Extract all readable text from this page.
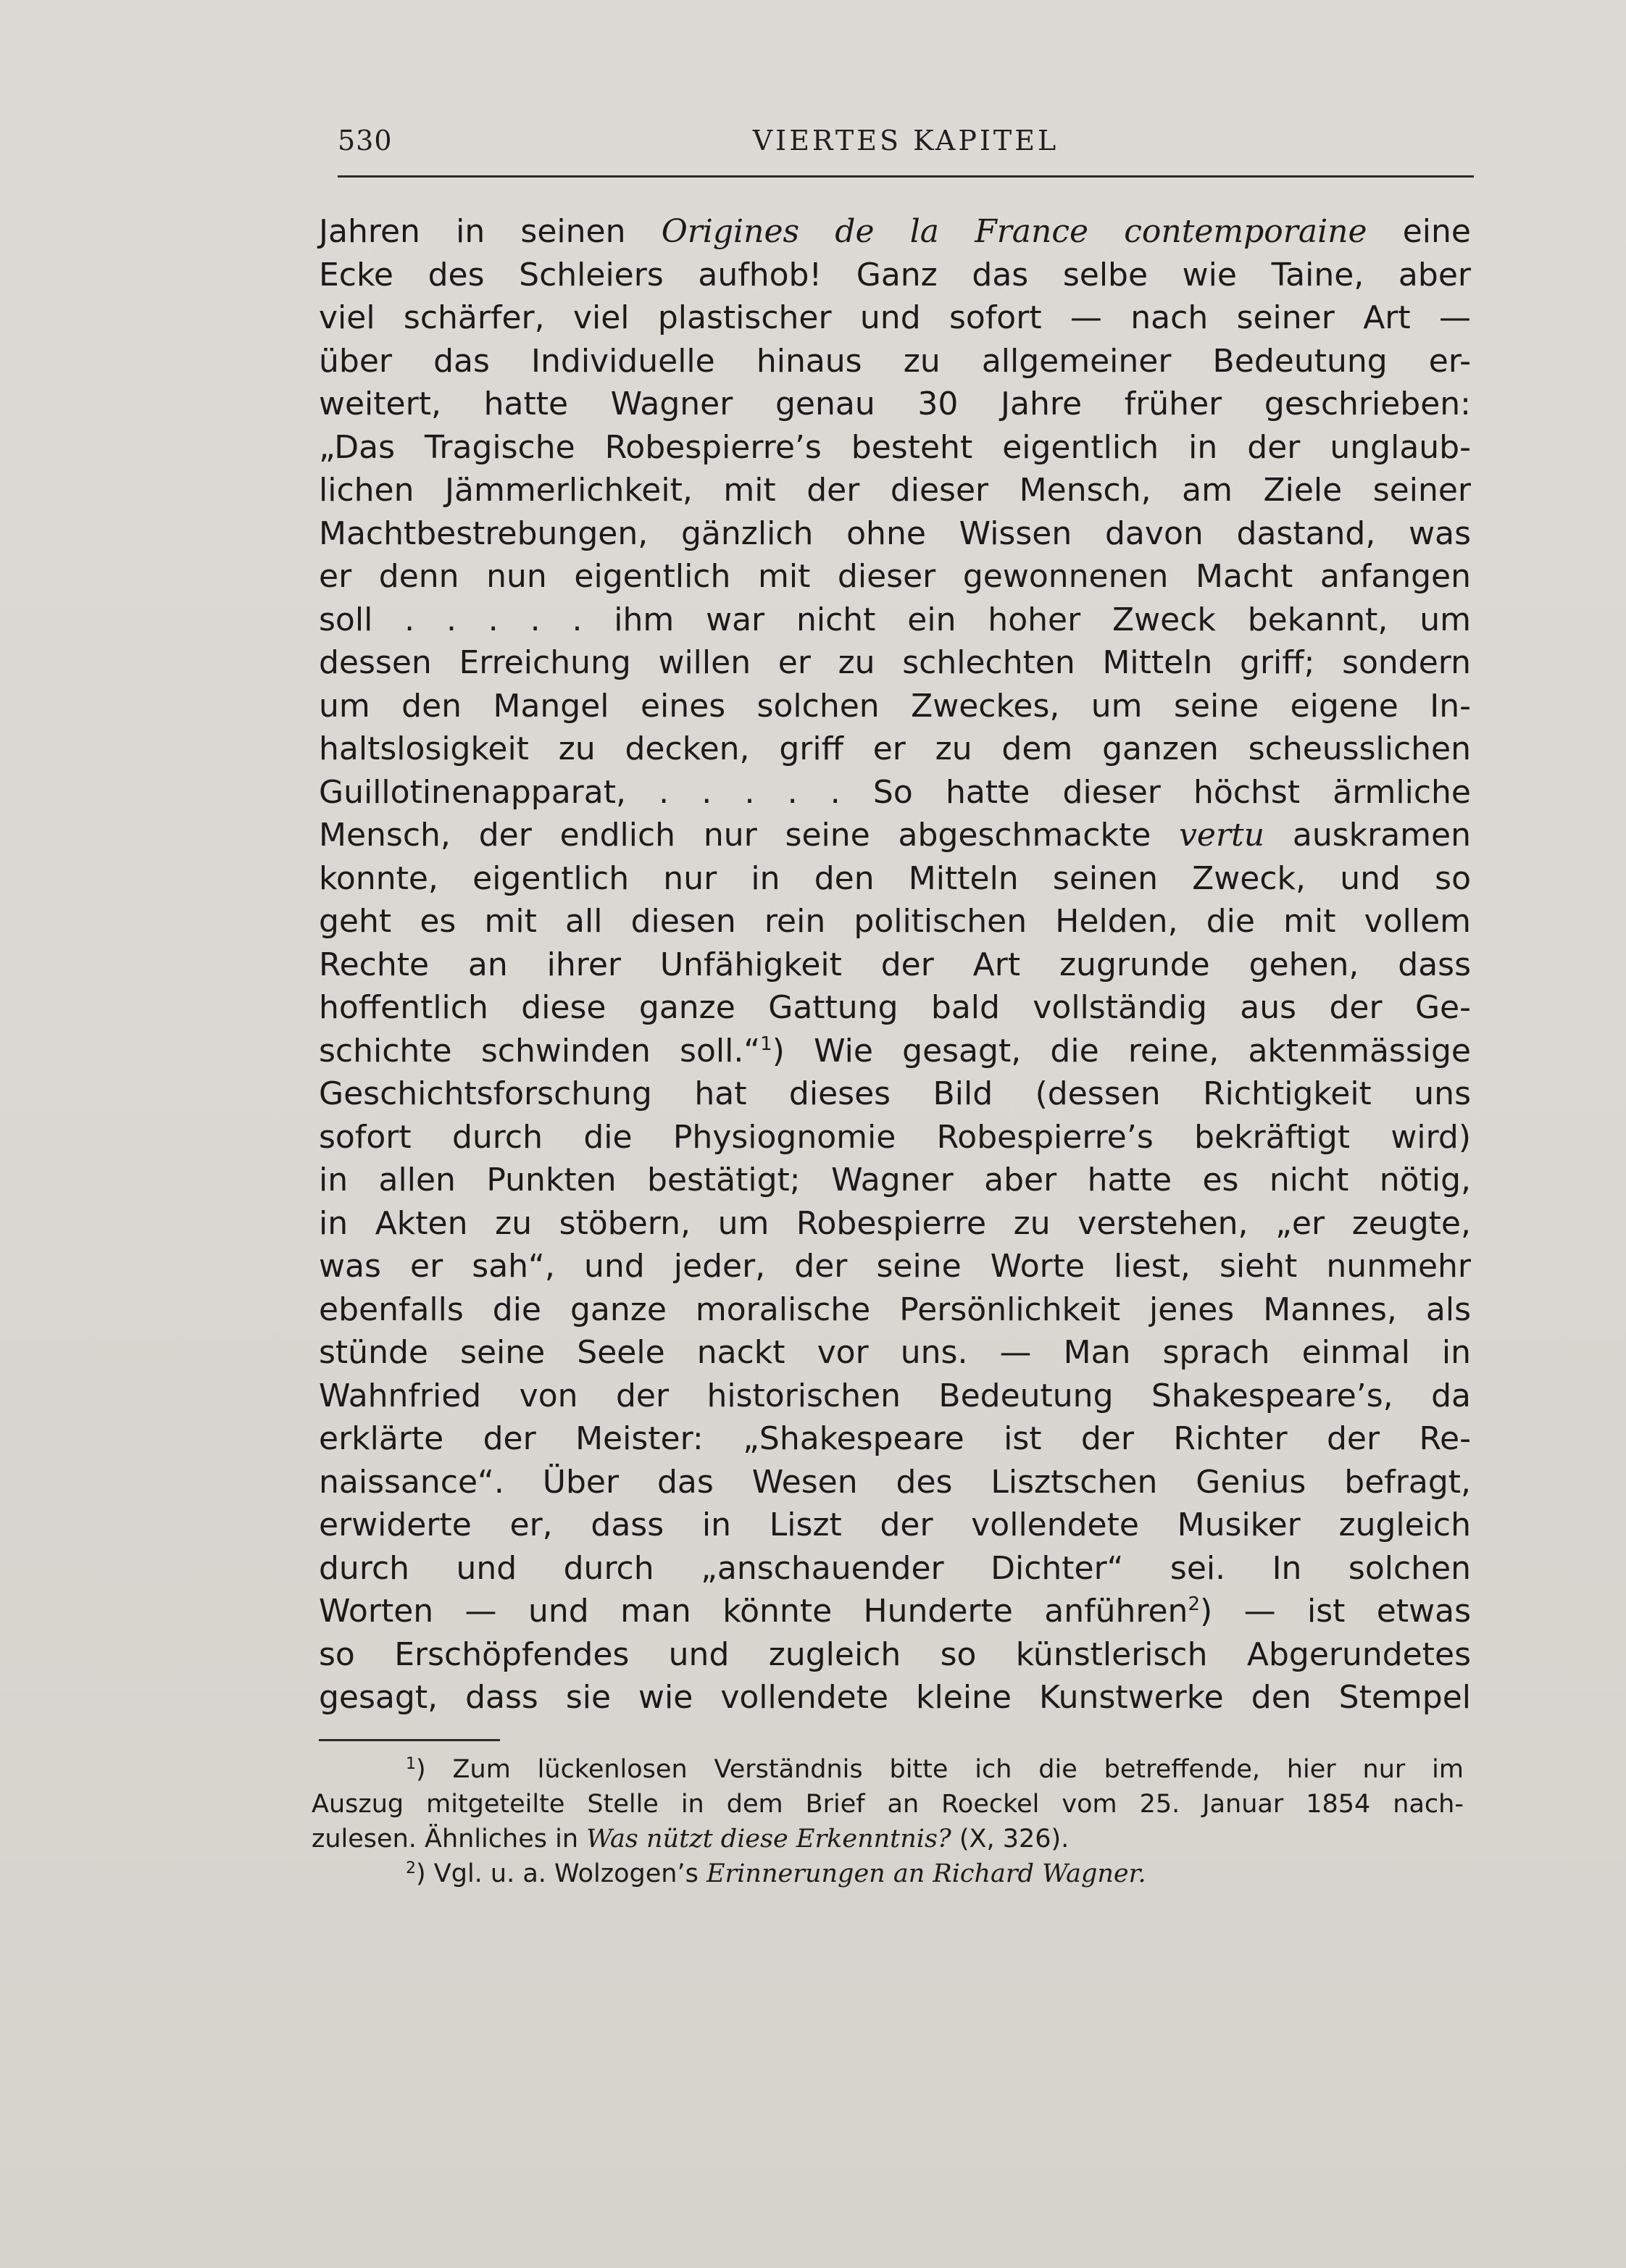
530	VIERTES KAPITEL
Jahren in seinen Origines de la France contemporaine eine
Ecke des Schleiers aufhob! Ganz das selbe wie Taine, aber
viel schärfer, viel plastischer und sofort — nach seiner Art —
über das Individuelle hinaus zu allgemeiner Bedeutung er-
weitert, hatte Wagner genau 30 Jahre früher geschrieben:
„Das Tragische Robespierre’s besteht eigentlich in der unglaub-
lichen Jämmerlichkeit, mit der dieser Mensch, am Ziele seiner
Machtbestrebungen, gänzlich ohne Wissen davon dastand, was
er denn nun eigentlich mit dieser gewonnenen Macht anfangen
soll . . . . . ihm war nicht ein hoher Zweck bekannt, um
dessen Erreichung willen er zu schlechten Mitteln griff; sondern
um den Mangel eines solchen Zweckes, um seine eigene In-
haltslosigkeit zu decken, griff er zu dem ganzen scheusslichen
Guillotinenapparat, . . . . . So hatte dieser höchst ärmliche
Mensch, der endlich nur seine abgeschmackte vertu auskramen
konnte, eigentlich nur in den Mitteln seinen Zweck, und so
geht es mit all diesen rein politischen Helden, die mit vollem
Rechte an ihrer Unfähigkeit der Art zugrunde gehen, dass
hoffentlich diese ganze Gattung bald vollständig aus der Ge-
schichte schwinden soll.“$^1$) Wie gesagt, die reine, aktenmässige
Geschichtsforschung hat dieses Bild (dessen Richtigkeit uns
sofort durch die Physiognomie Robespierre’s bekräftigt wird)
in allen Punkten bestätigt; Wagner aber hatte es nicht nötig,
in Akten zu stöbern, um Robespierre zu verstehen, „er zeugte,
was er sah“, und jeder, der seine Worte liest, sieht nunmehr
ebenfalls die ganze moralische Persönlichkeit jenes Mannes, als
stünde seine Seele nackt vor uns. — Man sprach einmal in
Wahnfried von der historischen Bedeutung Shakespeare’s, da
erklärte der Meister: „Shakespeare ist der Richter der Re-
naissance“. Über das Wesen des Lisztschen Genius befragt,
erwiderte er, dass in Liszt der vollendete Musiker zugleich
durch und durch „anschauender Dichter“ sei. In solchen
Worten — und man könnte Hunderte anführen$^2$) — ist etwas
so Erschöpfendes und zugleich so künstlerisch Abgerundetes
gesagt, dass sie wie vollendete kleine Kunstwerke den Stempel
$^1$) Zum lückenlosen Verständnis bitte ich die betreffende, hier nur im
Auszug mitgeteilte Stelle in dem Brief an Roeckel vom 25. Januar 1854 nach-
zulesen. Ähnliches in Was nützt diese Erkenntnis? (X, 326).
$^2$) Vgl. u. a. Wolzogen’s Erinnerungen an Richard Wagner.
